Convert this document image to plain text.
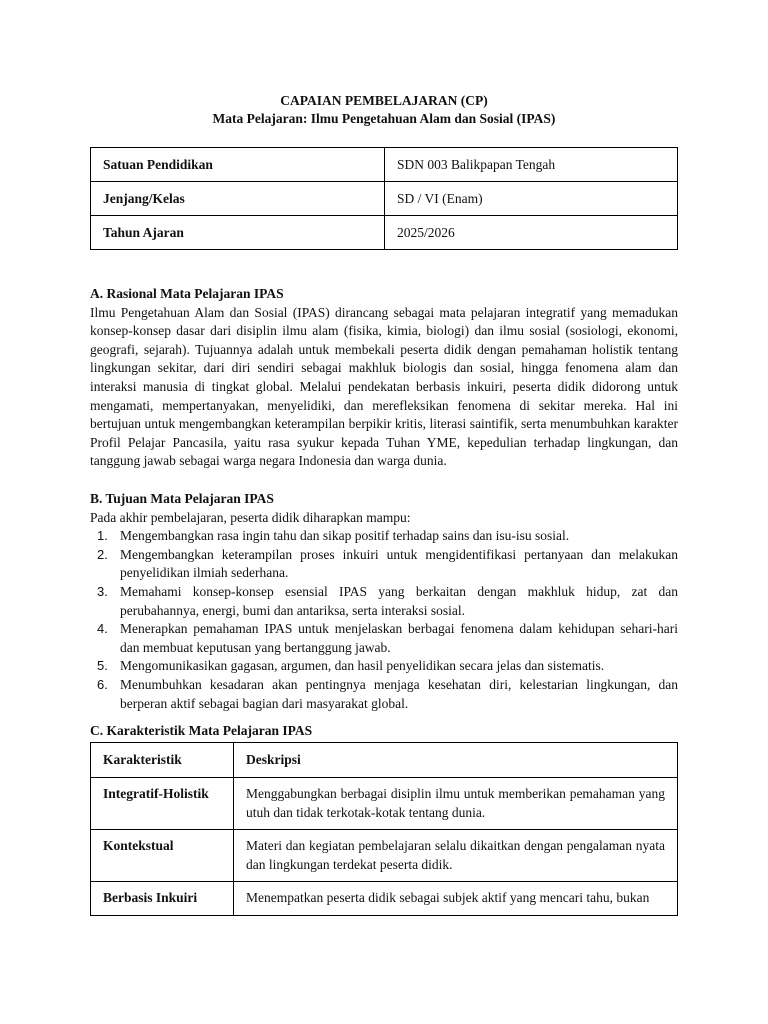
CAPAIAN PEMBELAJARAN (CP)
Mata Pelajaran: Ilmu Pengetahuan Alam dan Sosial (IPAS)
Satuan Pendidikan	SDN 003 Balikpapan Tengah
Jenjang/Kelas	SD / VI (Enam)
Tahun Ajaran	2025/2026
A. Rasional Mata Pelajaran IPAS
Ilmu Pengetahuan Alam dan Sosial (IPAS) dirancang sebagai mata pelajaran integratif yang memadukan konsep-konsep dasar dari disiplin ilmu alam (fisika, kimia, biologi) dan ilmu sosial (sosiologi, ekonomi, geografi, sejarah). Tujuannya adalah untuk membekali peserta didik dengan pemahaman holistik tentang lingkungan sekitar, dari diri sendiri sebagai makhluk biologis dan sosial, hingga fenomena alam dan interaksi manusia di tingkat global. Melalui pendekatan berbasis inkuiri, peserta didik didorong untuk mengamati, mempertanyakan, menyelidiki, dan merefleksikan fenomena di sekitar mereka. Hal ini bertujuan untuk mengembangkan keterampilan berpikir kritis, literasi saintifik, serta menumbuhkan karakter Profil Pelajar Pancasila, yaitu rasa syukur kepada Tuhan YME, kepedulian terhadap lingkungan, dan tanggung jawab sebagai warga negara Indonesia dan warga dunia.
B. Tujuan Mata Pelajaran IPAS
Pada akhir pembelajaran, peserta didik diharapkan mampu:
1. Mengembangkan rasa ingin tahu dan sikap positif terhadap sains dan isu-isu sosial.
2. Mengembangkan keterampilan proses inkuiri untuk mengidentifikasi pertanyaan dan melakukan penyelidikan ilmiah sederhana.
3. Memahami konsep-konsep esensial IPAS yang berkaitan dengan makhluk hidup, zat dan perubahannya, energi, bumi dan antariksa, serta interaksi sosial.
4. Menerapkan pemahaman IPAS untuk menjelaskan berbagai fenomena dalam kehidupan sehari-hari dan membuat keputusan yang bertanggung jawab.
5. Mengomunikasikan gagasan, argumen, dan hasil penyelidikan secara jelas dan sistematis.
6. Menumbuhkan kesadaran akan pentingnya menjaga kesehatan diri, kelestarian lingkungan, dan berperan aktif sebagai bagian dari masyarakat global.
C. Karakteristik Mata Pelajaran IPAS
Karakteristik	Deskripsi
Integratif-Holistik	Menggabungkan berbagai disiplin ilmu untuk memberikan pemahaman yang utuh dan tidak terkotak-kotak tentang dunia.
Kontekstual	Materi dan kegiatan pembelajaran selalu dikaitkan dengan pengalaman nyata dan lingkungan terdekat peserta didik.
Berbasis Inkuiri	Menempatkan peserta didik sebagai subjek aktif yang mencari tahu, bukan
